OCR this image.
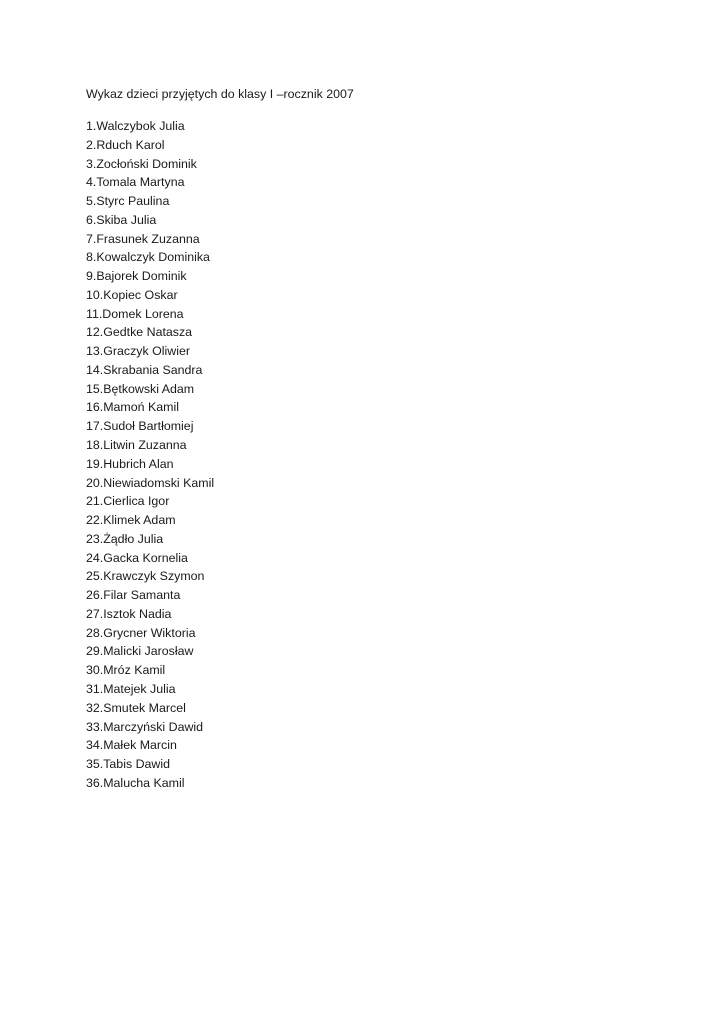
Wykaz dzieci przyjętych do klasy I –rocznik 2007
1.Walczybok Julia
2.Rduch Karol
3.Zocłoński Dominik
4.Tomala Martyna
5.Styrc Paulina
6.Skiba Julia
7.Frasunek Zuzanna
8.Kowalczyk Dominika
9.Bajorek Dominik
10.Kopiec Oskar
11.Domek Lorena
12.Gedtke Natasza
13.Graczyk Oliwier
14.Skrabania Sandra
15.Bętkowski Adam
16.Mamoń Kamil
17.Sudoł Bartłomiej
18.Litwin Zuzanna
19.Hubrich Alan
20.Niewiadomski Kamil
21.Cierlica Igor
22.Klimek Adam
23.Żądło Julia
24.Gacka Kornelia
25.Krawczyk Szymon
26.Filar Samanta
27.Isztok Nadia
28.Grycner Wiktoria
29.Malicki Jarosław
30.Mróz Kamil
31.Matejek Julia
32.Smutek Marcel
33.Marczyński Dawid
34.Małek Marcin
35.Tabis Dawid
36.Malucha Kamil
